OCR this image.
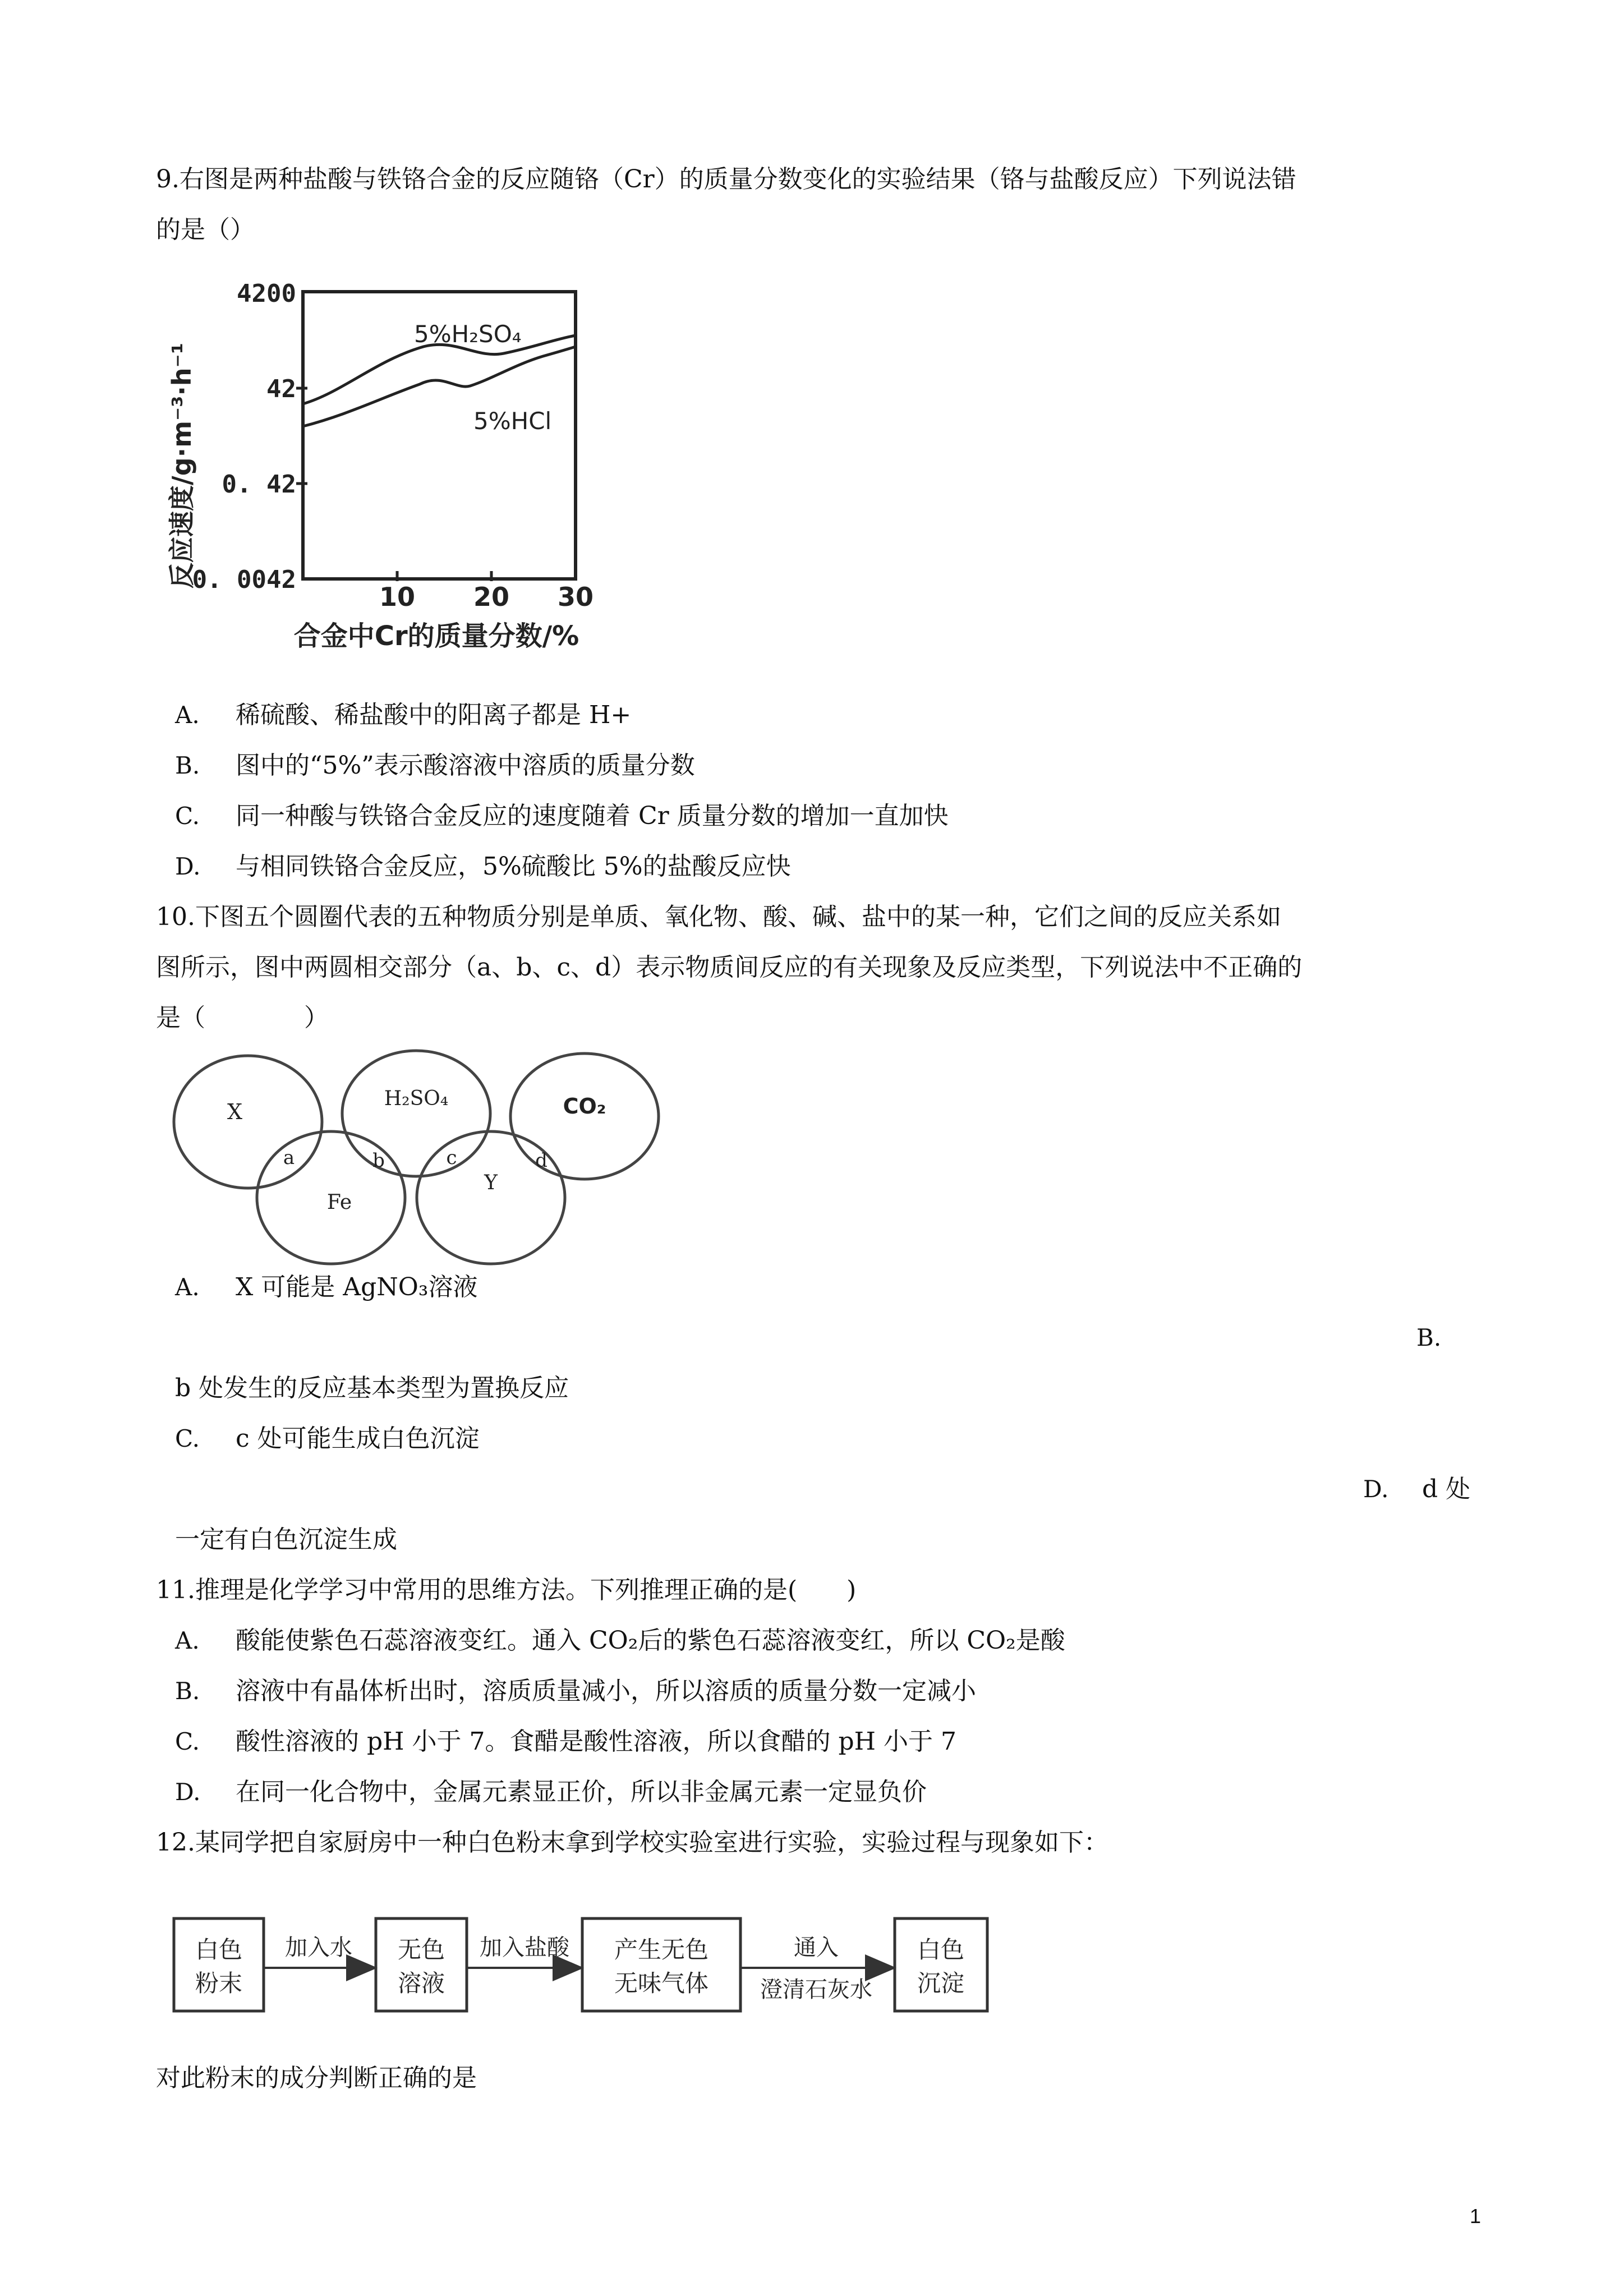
9.右图是两种盐酸与铁铬合金的反应随铬（Cr）的质量分数变化的实验结果（铬与盐酸反应）下列说法错
的是（）
反应速度/g·m⁻³·h⁻¹
4200
42
0. 42
0. 0042
10 20 30
合金中Cr的质量分数/%
5%H₂SO₄
5%HCl
A. 稀硫酸、稀盐酸中的阳离子都是 H+
B. 图中的“5%”表示酸溶液中溶质的质量分数
C. 同一种酸与铁铬合金反应的速度随着 Cr 质量分数的增加一直加快
D. 与相同铁铬合金反应，5%硫酸比 5%的盐酸反应快
10.下图五个圆圈代表的五种物质分别是单质、氧化物、酸、碱、盐中的某一种，它们之间的反应关系如
图所示，图中两圆相交部分（a、b、c、d）表示物质间反应的有关现象及反应类型，下列说法中不正确的
是（　　　　）
X
H₂SO₄	CO₂
Fe
Y
a	b	c	d
A. X 可能是 AgNO₃溶液
B.
b 处发生的反应基本类型为置换反应
C. c 处可能生成白色沉淀
D. d 处
一定有白色沉淀生成
11.推理是化学学习中常用的思维方法。下列推理正确的是(　　)
A. 酸能使紫色石蕊溶液变红。通入 CO₂后的紫色石蕊溶液变红，所以 CO₂是酸
B. 溶液中有晶体析出时，溶质质量减小，所以溶质的质量分数一定减小
C. 酸性溶液的 pH 小于 7。食醋是酸性溶液，所以食醋的 pH 小于 7
D. 在同一化合物中，金属元素显正价，所以非金属元素一定显负价
12.某同学把自家厨房中一种白色粉末拿到学校实验室进行实验，实验过程与现象如下：
白色
粉末
加入水 无色
溶液
加入盐酸 产生无色
无味气体
通入
澄清石灰水
白色
沉淀
对此粉末的成分判断正确的是
1
